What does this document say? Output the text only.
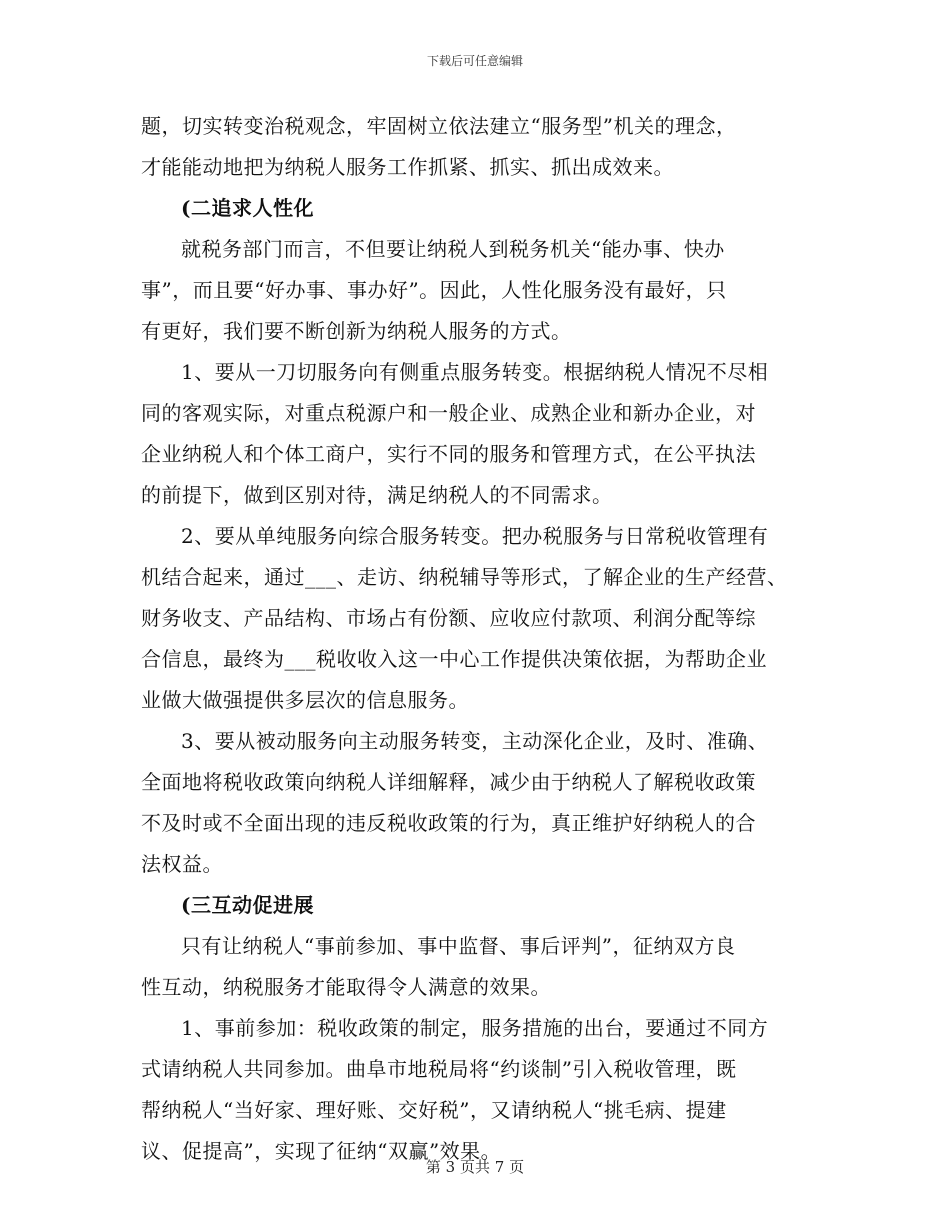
下载后可任意编辑
题，切实转变治税观念，牢固树立依法建立“服务型”机关的理念，
才能能动地把为纳税人服务工作抓紧、抓实、抓出成效来。
(二追求人性化
就税务部门而言，不但要让纳税人到税务机关“能办事、快办
事”，而且要“好办事、事办好”。因此，人性化服务没有最好，只
有更好，我们要不断创新为纳税人服务的方式。
1、要从一刀切服务向有侧重点服务转变。根据纳税人情况不尽相
同的客观实际，对重点税源户和一般企业、成熟企业和新办企业，对
企业纳税人和个体工商户，实行不同的服务和管理方式，在公平执法
的前提下，做到区别对待，满足纳税人的不同需求。
2、要从单纯服务向综合服务转变。把办税服务与日常税收管理有
机结合起来，通过___、走访、纳税辅导等形式，了解企业的生产经营、
财务收支、产品结构、市场占有份额、应收应付款项、利润分配等综
合信息，最终为___税收收入这一中心工作提供决策依据，为帮助企业
业做大做强提供多层次的信息服务。
3、要从被动服务向主动服务转变，主动深化企业，及时、准确、
全面地将税收政策向纳税人详细解释，减少由于纳税人了解税收政策
不及时或不全面出现的违反税收政策的行为，真正维护好纳税人的合
法权益。
(三互动促进展
只有让纳税人“事前参加、事中监督、事后评判”，征纳双方良
性互动，纳税服务才能取得令人满意的效果。
1、事前参加：税收政策的制定，服务措施的出台，要通过不同方
式请纳税人共同参加。曲阜市地税局将“约谈制”引入税收管理，既
帮纳税人“当好家、理好账、交好税”，又请纳税人“挑毛病、提建
议、促提高”，实现了征纳“双赢”效果。
第 3 页共 7 页
